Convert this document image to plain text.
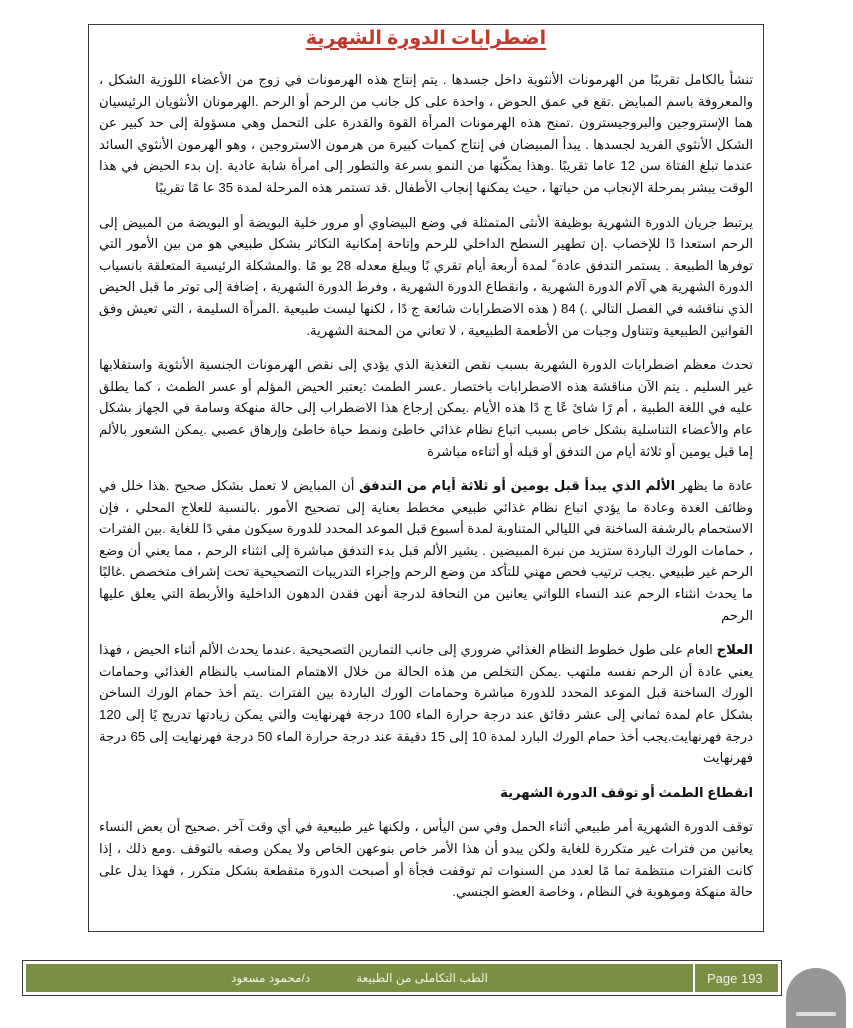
اضطرابات الدورة الشهرية

تنشأ بالكامل تقريبًا من الهرمونات الأنثوية داخل جسدها . يتم إنتاج هذه الهرمونات في زوج من الأعضاء اللوزية الشكل ، والمعروفة باسم المبايض .تقع في عمق الحوض ، واحدة على كل جانب من الرحم أو الرحم .الهرمونان الأنثويان الرئيسيان هما الإستروجين والبروجيسترون .تمنح هذه الهرمونات المرأة القوة والقدرة على التحمل وهي مسؤولة إلى حد كبير عن الشكل الأنثوي الفريد لجسدها . يبدأ المبيضان في إنتاج كميات كبيرة من هرمون الاستروجين ، وهو الهرمون الأنثوي السائد عندما تبلغ الفتاة سن 12 عاما تقريبًا .وهذا يمكّنها من النمو بسرعة والتطور إلى امرأة شابة عادية .إن بدء الحيض في هذا الوقت يبشر بمرحلة الإنجاب من حياتها ، حيث يمكنها إنجاب الأطفال .قد تستمر هذه المرحلة لمدة 35 عا مًا تقريبًا

يرتبط جريان الدورة الشهرية بوظيفة الأنثى المتمثلة في وضع البيضاوي أو مرور خلية البويضة أو البويضة من المبيض إلى الرحم استعدا دًا للإخصاب .إن تطهير السطح الداخلي للرحم وإتاحة إمكانية التكاثر بشكل طبيعي هو من بين الأمور التي توفرها الطبيعة . يستمر التدفق عادة ً لمدة أربعة أيام تقري بًا ويبلغ معدله 28 يو مًا .والمشكلة الرئيسية المتعلقة بانسياب الدورة الشهرية هي آلام الدورة الشهرية ، وانقطاع الدورة الشهرية ، وفرط الدورة الشهرية ، إضافة إلى توتر ما قبل الحيض الذي نناقشه في الفصل التالي .) 84 ( هذه الاضطرابات شائعة ج دًا ، لكنها ليست طبيعية .المرأة السليمة ، التي تعيش وفق القوانين الطبيعية وتتناول وجبات من الأطعمة الطبيعية ، لا تعاني من المحنة الشهرية.

تحدث معظم اضطرابات الدورة الشهرية بسبب نقص التغذية الذي يؤدي إلى نقص الهرمونات الجنسية الأنثوية واستقلابها غير السليم . يتم الآن مناقشة هذه الاضطرابات باختصار .عسر الطمث :يعتبر الحيض المؤلم أو عسر الطمث ، كما يطلق عليه في اللغة الطبية ، أم رًا شائ عًا ج دًا هذه الأيام .يمكن إرجاع هذا الاضطراب إلى حالة منهكة وسامة في الجهاز بشكل عام والأعضاء التناسلية بشكل خاص بسبب اتباع نظام غذائي خاطئ ونمط حياة خاطئ وإرهاق عصبي .يمكن الشعور بالألم إما قبل يومين أو ثلاثة أيام من التدفق أو قبله أو أثناءه مباشرة

عادة ما يظهر الألم الذي يبدأ قبل يومين أو ثلاثة أيام من التدفق أن المبايض لا تعمل بشكل صحيح .هذا خلل في وظائف الغدة وعادة ما يؤدي اتباع نظام غذائي طبيعي مخطط بعناية إلى تصحيح الأمور .بالنسبة للعلاج المحلي ، فإن الاستحمام بالرشفة الساخنة في الليالي المتناوبة لمدة أسبوع قبل الموعد المحدد للدورة سيكون مفي دًا للغاية .بين الفترات ، حمامات الورك الباردة ستزيد من نبرة المبيضين . يشير الألم قبل بدء التدفق مباشرة إلى انثناء الرحم ، مما يعني أن وضع الرحم غير طبيعي .يجب ترتيب فحص مهني للتأكد من وضع الرحم وإجراء التدريبات التصحيحية تحت إشراف متخصص .غالبًا ما يحدث انثناء الرحم عند النساء اللواتي يعانين من النحافة لدرجة أنهن فقدن الدهون الداخلية والأربطة التي يعلق عليها الرحم

العلاج العام على طول خطوط النظام الغذائي ضروري إلى جانب التمارين التصحيحية .عندما يحدث الألم أثناء الحيض ، فهذا يعني عادة أن الرحم نفسه ملتهب .يمكن التخلص من هذه الحالة من خلال الاهتمام المناسب بالنظام الغذائي وحمامات الورك الساخنة قبل الموعد المحدد للدورة مباشرة وحمامات الورك الباردة بين الفترات .يتم أخذ حمام الورك الساخن بشكل عام لمدة ثماني إلى عشر دقائق عند درجة حرارة الماء 100 درجة فهرنهايت والتي يمكن زيادتها تدريج يًا إلى 120 درجة فهرنهايت.يجب أخذ حمام الورك البارد لمدة 10 إلى 15 دقيقة عند درجة حرارة الماء 50 درجة فهرنهايت إلى 65 درجة فهرنهايت

انقطاع الطمث أو توقف الدورة الشهرية

توقف الدورة الشهرية أمر طبيعي أثناء الحمل وفي سن اليأس ، ولكنها غير طبيعية في أي وقت آخر .صحيح أن بعض النساء يعانين من فترات غير متكررة للغاية ولكن يبدو أن هذا الأمر خاص بنوعهن الخاص ولا يمكن وصفه بالتوقف .ومع ذلك ، إذا كانت الفترات منتظمة تما مًا لعدد من السنوات ثم توقفت فجأة أو أصبحت الدورة متقطعة بشكل متكرر ، فهذا يدل على حالة منهكة وموهوبة في النظام ، وخاصة العضو الجنسي.

الطب التكاملى من الطبيعة
د/محمود مسعود	Page 193
